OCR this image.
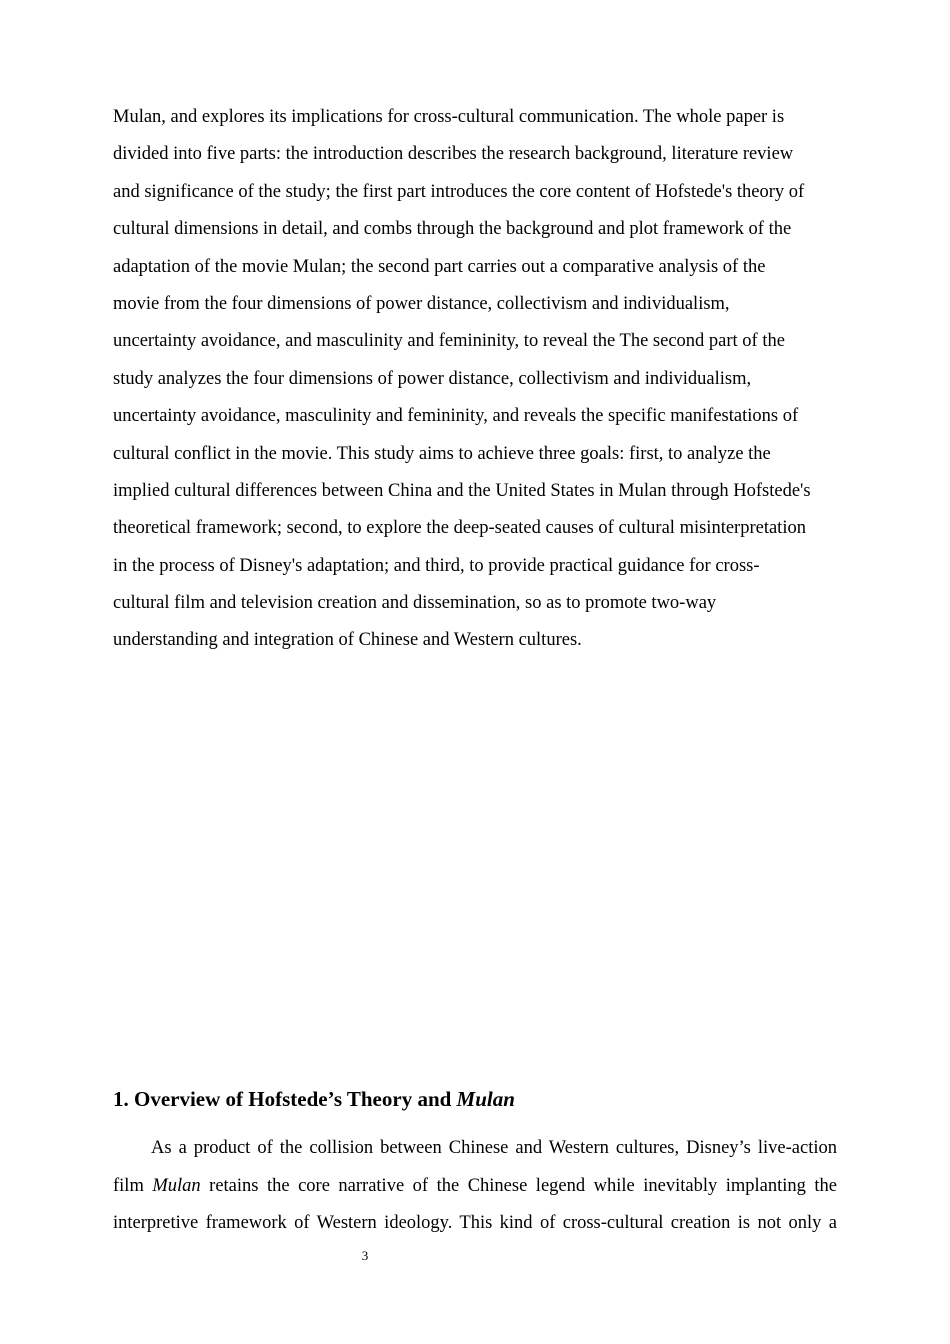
Mulan, and explores its implications for cross-cultural communication. The whole paper is
divided into five parts: the introduction describes the research background, literature review
and significance of the study; the first part introduces the core content of Hofstede's theory of
cultural dimensions in detail, and combs through the background and plot framework of the
adaptation of the movie Mulan; the second part carries out a comparative analysis of the
movie from the four dimensions of power distance, collectivism and individualism,
uncertainty avoidance, and masculinity and femininity, to reveal the The second part of the
study analyzes the four dimensions of power distance, collectivism and individualism,
uncertainty avoidance, masculinity and femininity, and reveals the specific manifestations of
cultural conflict in the movie. This study aims to achieve three goals: first, to analyze the
implied cultural differences between China and the United States in Mulan through Hofstede's
theoretical framework; second, to explore the deep-seated causes of cultural misinterpretation
in the process of Disney's adaptation; and third, to provide practical guidance for cross-
cultural film and television creation and dissemination, so as to promote two-way
understanding and integration of Chinese and Western cultures.
1. Overview of Hofstede’s Theory and Mulan
As a product of the collision between Chinese and Western cultures, Disney’s live-action
film Mulan retains the core narrative of the Chinese legend while inevitably implanting the
interpretive framework of Western ideology. This kind of cross-cultural creation is not only a
3
